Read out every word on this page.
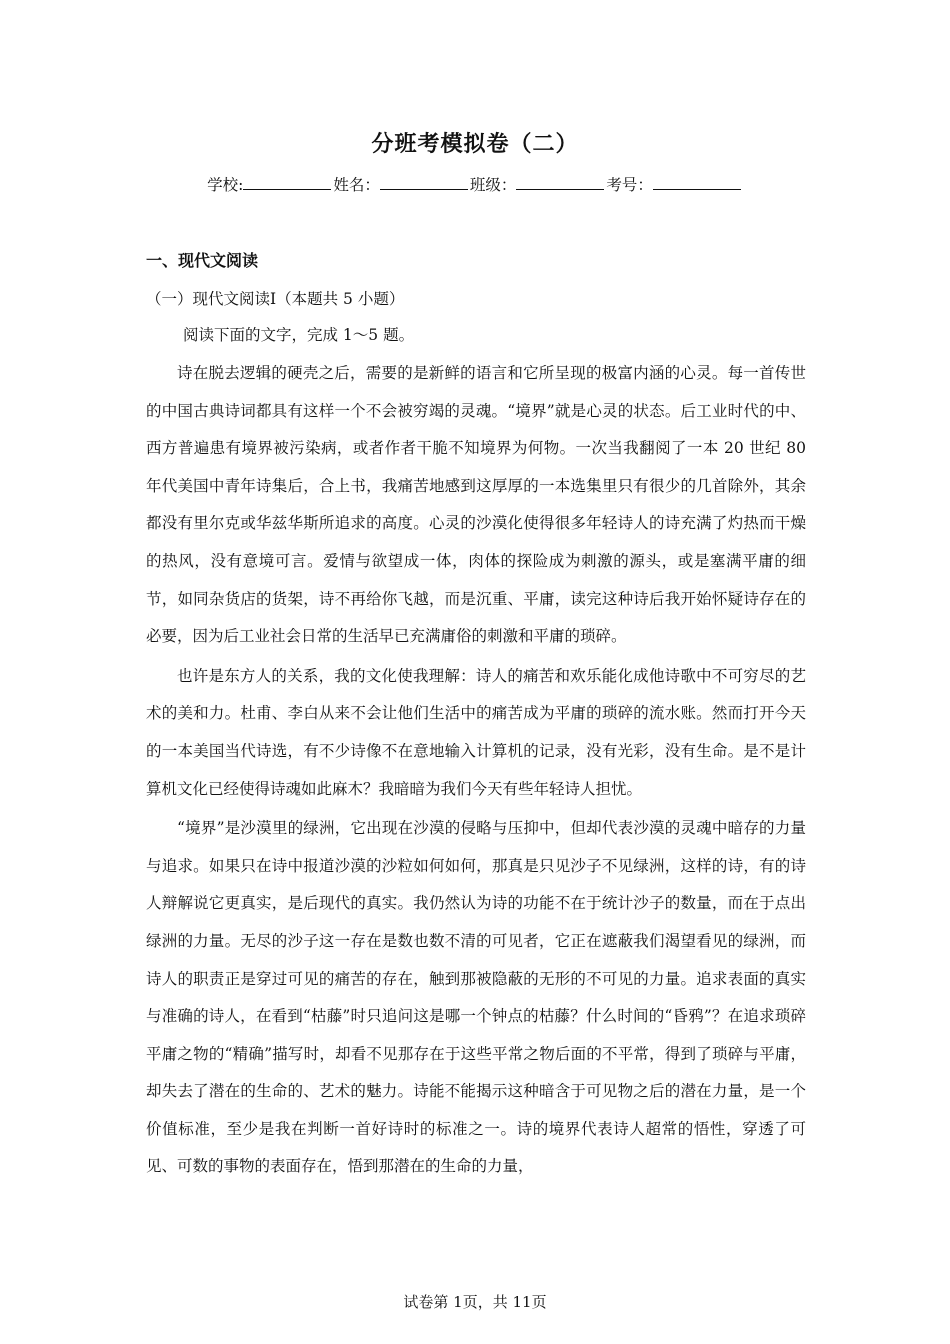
分班考模拟卷（二）
学校:	姓名：	班级：	考号：
一、现代文阅读
（一）现代文阅读Ⅰ（本题共 5 小题）
阅读下面的文字，完成 1～5 题。

诗在脱去逻辑的硬壳之后，需要的是新鲜的语言和它所呈现的极富内涵的心灵。每一首传世的中国古典诗词都具有这样一个不会被穷竭的灵魂。“境界”就是心灵的状态。后工业时代的中、西方普遍患有境界被污染病，或者作者干脆不知境界为何物。一次当我翻阅了一本 20 世纪 80 年代美国中青年诗集后，合上书，我痛苦地感到这厚厚的一本选集里只有很少的几首除外，其余都没有里尔克或华兹华斯所追求的高度。心灵的沙漠化使得很多年轻诗人的诗充满了灼热而干燥的热风，没有意境可言。爱情与欲望成一体，肉体的探险成为刺激的源头，或是塞满平庸的细节，如同杂货店的货架，诗不再给你飞越，而是沉重、平庸，读完这种诗后我开始怀疑诗存在的必要，因为后工业社会日常的生活早已充满庸俗的刺激和平庸的琐碎。

也许是东方人的关系，我的文化使我理解：诗人的痛苦和欢乐能化成他诗歌中不可穷尽的艺术的美和力。杜甫、李白从来不会让他们生活中的痛苦成为平庸的琐碎的流水账。然而打开今天的一本美国当代诗选，有不少诗像不在意地输入计算机的记录，没有光彩，没有生命。是不是计算机文化已经使得诗魂如此麻木？我暗暗为我们今天有些年轻诗人担忧。

“境界”是沙漠里的绿洲，它出现在沙漠的侵略与压抑中，但却代表沙漠的灵魂中暗存的力量与追求。如果只在诗中报道沙漠的沙粒如何如何，那真是只见沙子不见绿洲，这样的诗，有的诗人辩解说它更真实，是后现代的真实。我仍然认为诗的功能不在于统计沙子的数量，而在于点出绿洲的力量。无尽的沙子这一存在是数也数不清的可见者，它正在遮蔽我们渴望看见的绿洲，而诗人的职责正是穿过可见的痛苦的存在，触到那被隐蔽的无形的不可见的力量。追求表面的真实与准确的诗人，在看到“枯藤”时只追问这是哪一个钟点的枯藤？什么时间的“昏鸦”？在追求琐碎平庸之物的“精确”描写时，却看不见那存在于这些平常之物后面的不平常，得到了琐碎与平庸，却失去了潜在的生命的、艺术的魅力。诗能不能揭示这种暗含于可见物之后的潜在力量，是一个价值标准，至少是我在判断一首好诗时的标准之一。诗的境界代表诗人超常的悟性，穿透了可见、可数的事物的表面存在，悟到那潜在的生命的力量，

试卷第 1页，共 11页
